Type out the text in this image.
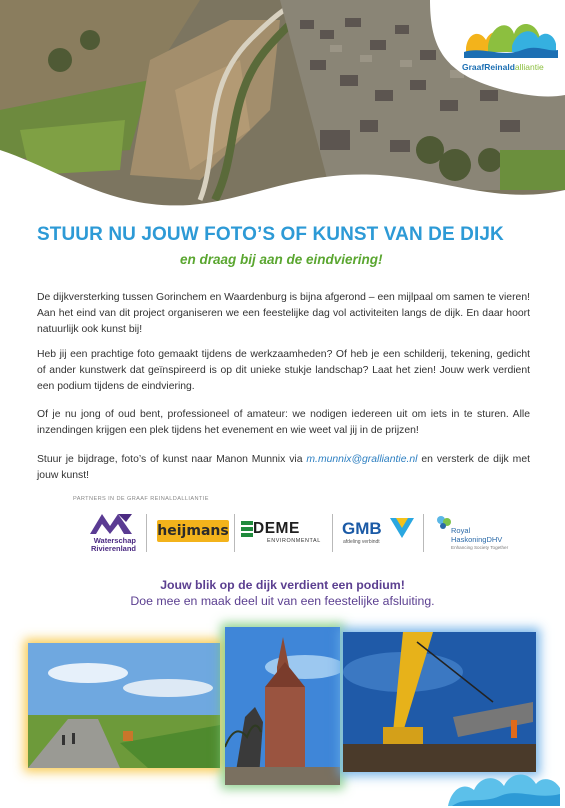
GraafReinaldalliantie
STUUR NU JOUW FOTO’S OF KUNST VAN DE DIJK
en draag bij aan de eindviering!

De dijkversterking tussen Gorinchem en Waardenburg is bijna afgerond – een mijlpaal om samen te vieren! Aan het eind van dit project organiseren we een feestelijke dag vol activiteiten langs de dijk. En daar hoort natuurlijk ook kunst bij!

Heb jij een prachtige foto gemaakt tijdens de werkzaamheden? Of heb je een schilderij, tekening, gedicht of ander kunstwerk dat geïnspireerd is op dit unieke stukje landschap? Laat het zien! Jouw werk verdient een podium tijdens de eindviering.

Of je nu jong of oud bent, professioneel of amateur: we nodigen iedereen uit om iets in te sturen. Alle inzendingen krijgen een plek tijdens het evenement en wie weet val jij in de prijzen!

Stuur je bijdrage, foto’s of kunst naar Manon Munnix via m.munnix@gralliantie.nl en versterk de dijk met jouw kunst!

PARTNERS IN DE GRAAF REINALDALLIANTIE
Waterschap
Rivierenland
heijmans DEME
ENVIRONMENTAL
GMB
afdeling verbindt
Royal
HaskoningDHV
Enhancing Society Together
Jouw blik op de dijk verdient een podium!
Doe mee en maak deel uit van een feestelijke afsluiting.
